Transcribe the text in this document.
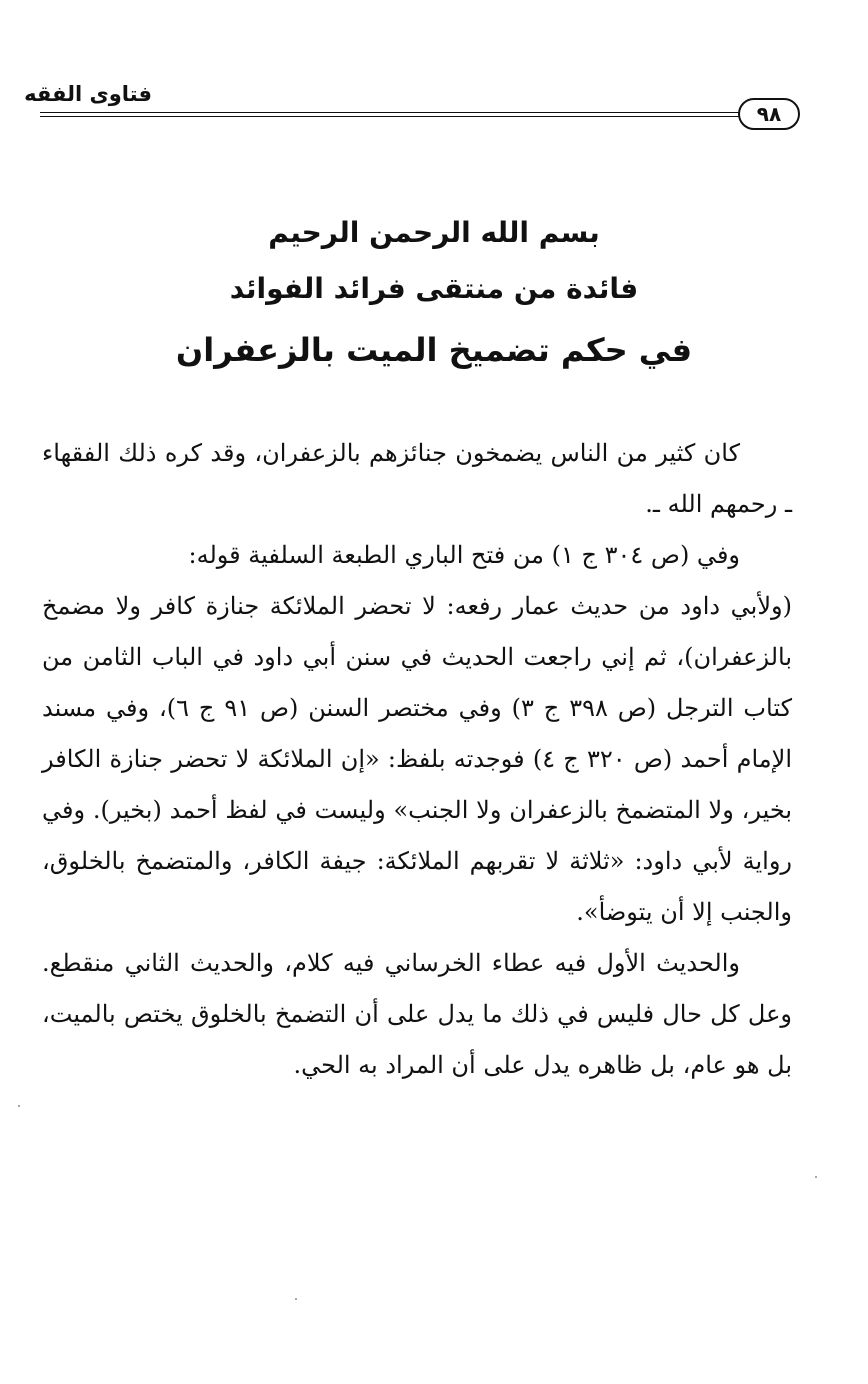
فتاوى الفقه
٩٨
بسم الله الرحمن الرحيم
فائدة من منتقى فرائد الفوائد
في حكم تضميخ الميت بالزعفران

كان كثير من الناس يضمخون جنائزهم بالزعفران، وقد كره ذلك الفقهاء ـ رحمهم الله ـ.

وفي (ص ٣٠٤ ج ١) من فتح الباري الطبعة السلفية قوله:

(ولأبي داود من حديث عمار رفعه: لا تحضر الملائكة جنازة كافر ولا مضمخ بالزعفران)، ثم إني راجعت الحديث في سنن أبي داود في الباب الثامن من كتاب الترجل (ص ٣٩٨ ج ٣) وفي مختصر السنن (ص ٩١ ج ٦)، وفي مسند الإمام أحمد (ص ٣٢٠ ج ٤) فوجدته بلفظ: «إن الملائكة لا تحضر جنازة الكافر بخير، ولا المتضمخ بالزعفران ولا الجنب» وليست في لفظ أحمد (بخير). وفي رواية لأبي داود: «ثلاثة لا تقربهم الملائكة: جيفة الكافر، والمتضمخ بالخلوق، والجنب إلا أن يتوضأ».

والحديث الأول فيه عطاء الخرساني فيه كلام، والحديث الثاني منقطع. وعل كل حال فليس في ذلك ما يدل على أن التضمخ بالخلوق يختص بالميت، بل هو عام، بل ظاهره يدل على أن المراد به الحي.
